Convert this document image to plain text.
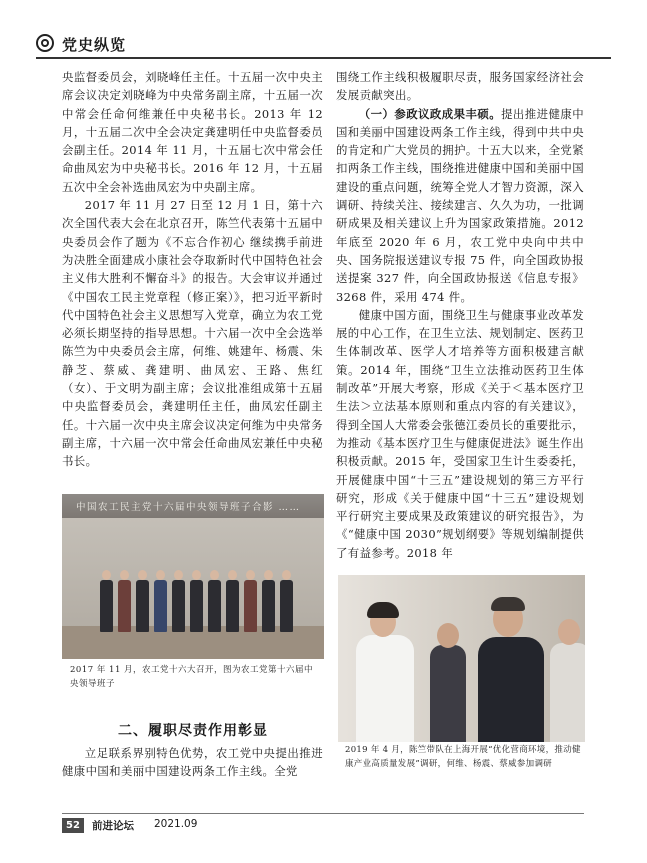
党史纵览

央监督委员会，刘晓峰任主任。十五届一次中央主席会议决定刘晓峰为中央常务副主席，十五届一次中常会任命何维兼任中央秘书长。2013 年 12 月，十五届二次中全会决定龚建明任中央监督委员会副主任。2014 年 11 月，十五届七次中常会任命曲凤宏为中央秘书长。2016 年 12 月，十五届五次中全会补选曲凤宏为中央副主席。

2017 年 11 月 27 日至 12 月 1 日，第十六次全国代表大会在北京召开，陈竺代表第十五届中央委员会作了题为《不忘合作初心 继续携手前进为决胜全面建成小康社会夺取新时代中国特色社会主义伟大胜利不懈奋斗》的报告。大会审议并通过《中国农工民主党章程（修正案）》，把习近平新时代中国特色社会主义思想写入党章，确立为农工党必须长期坚持的指导思想。十六届一次中全会选举陈竺为中央委员会主席，何维、姚建年、杨震、朱静芝、蔡威、龚建明、曲凤宏、王路、焦红（女）、于文明为副主席；会议批准组成第十五届中央监督委员会，龚建明任主任，曲凤宏任副主任。十六届一次中央主席会议决定何维为中央常务副主席，十六届一次中常会任命曲凤宏兼任中央秘书长。

中国农工民主党十六届中央领导班子合影 ……
2017 年 11 月，农工党十六大召开，图为农工党第十六届中央领导班子
二、履职尽责作用彰显

立足联系界别特色优势，农工党中央提出推进健康中国和美丽中国建设两条工作主线。全党

围绕工作主线积极履职尽责，服务国家经济社会发展贡献突出。

（一）参政议政成果丰硕。提出推进健康中国和美丽中国建设两条工作主线，得到中共中央的肯定和广大党员的拥护。十五大以来，全党紧扣两条工作主线，围绕推进健康中国和美丽中国建设的重点问题，统筹全党人才智力资源，深入调研、持续关注、接续建言、久久为功，一批调研成果及相关建议上升为国家政策措施。2012 年底至 2020 年 6 月，农工党中央向中共中央、国务院报送建议专报 75 件，向全国政协报送提案 327 件，向全国政协报送《信息专报》3268 件，采用 474 件。

健康中国方面，围绕卫生与健康事业改革发展的中心工作，在卫生立法、规划制定、医药卫生体制改革、医学人才培养等方面积极建言献策。2014 年，围绕“卫生立法推动医药卫生体制改革”开展大考察，形成《关于＜基本医疗卫生法＞立法基本原则和重点内容的有关建议》，得到全国人大常委会张德江委员长的重要批示，为推动《基本医疗卫生与健康促进法》诞生作出积极贡献。2015 年，受国家卫生计生委委托，开展健康中国“十三五”建设规划的第三方平行研究，形成《关于健康中国“十三五”建设规划平行研究主要成果及政策建议的研究报告》，为《“健康中国 2030”规划纲要》等规划编制提供了有益参考。2018 年

2019 年 4 月，陈竺带队在上海开展“优化营商环境，推动健康产业高质量发展”调研，何维、杨震、蔡威参加调研
52	前进论坛 2021.09
